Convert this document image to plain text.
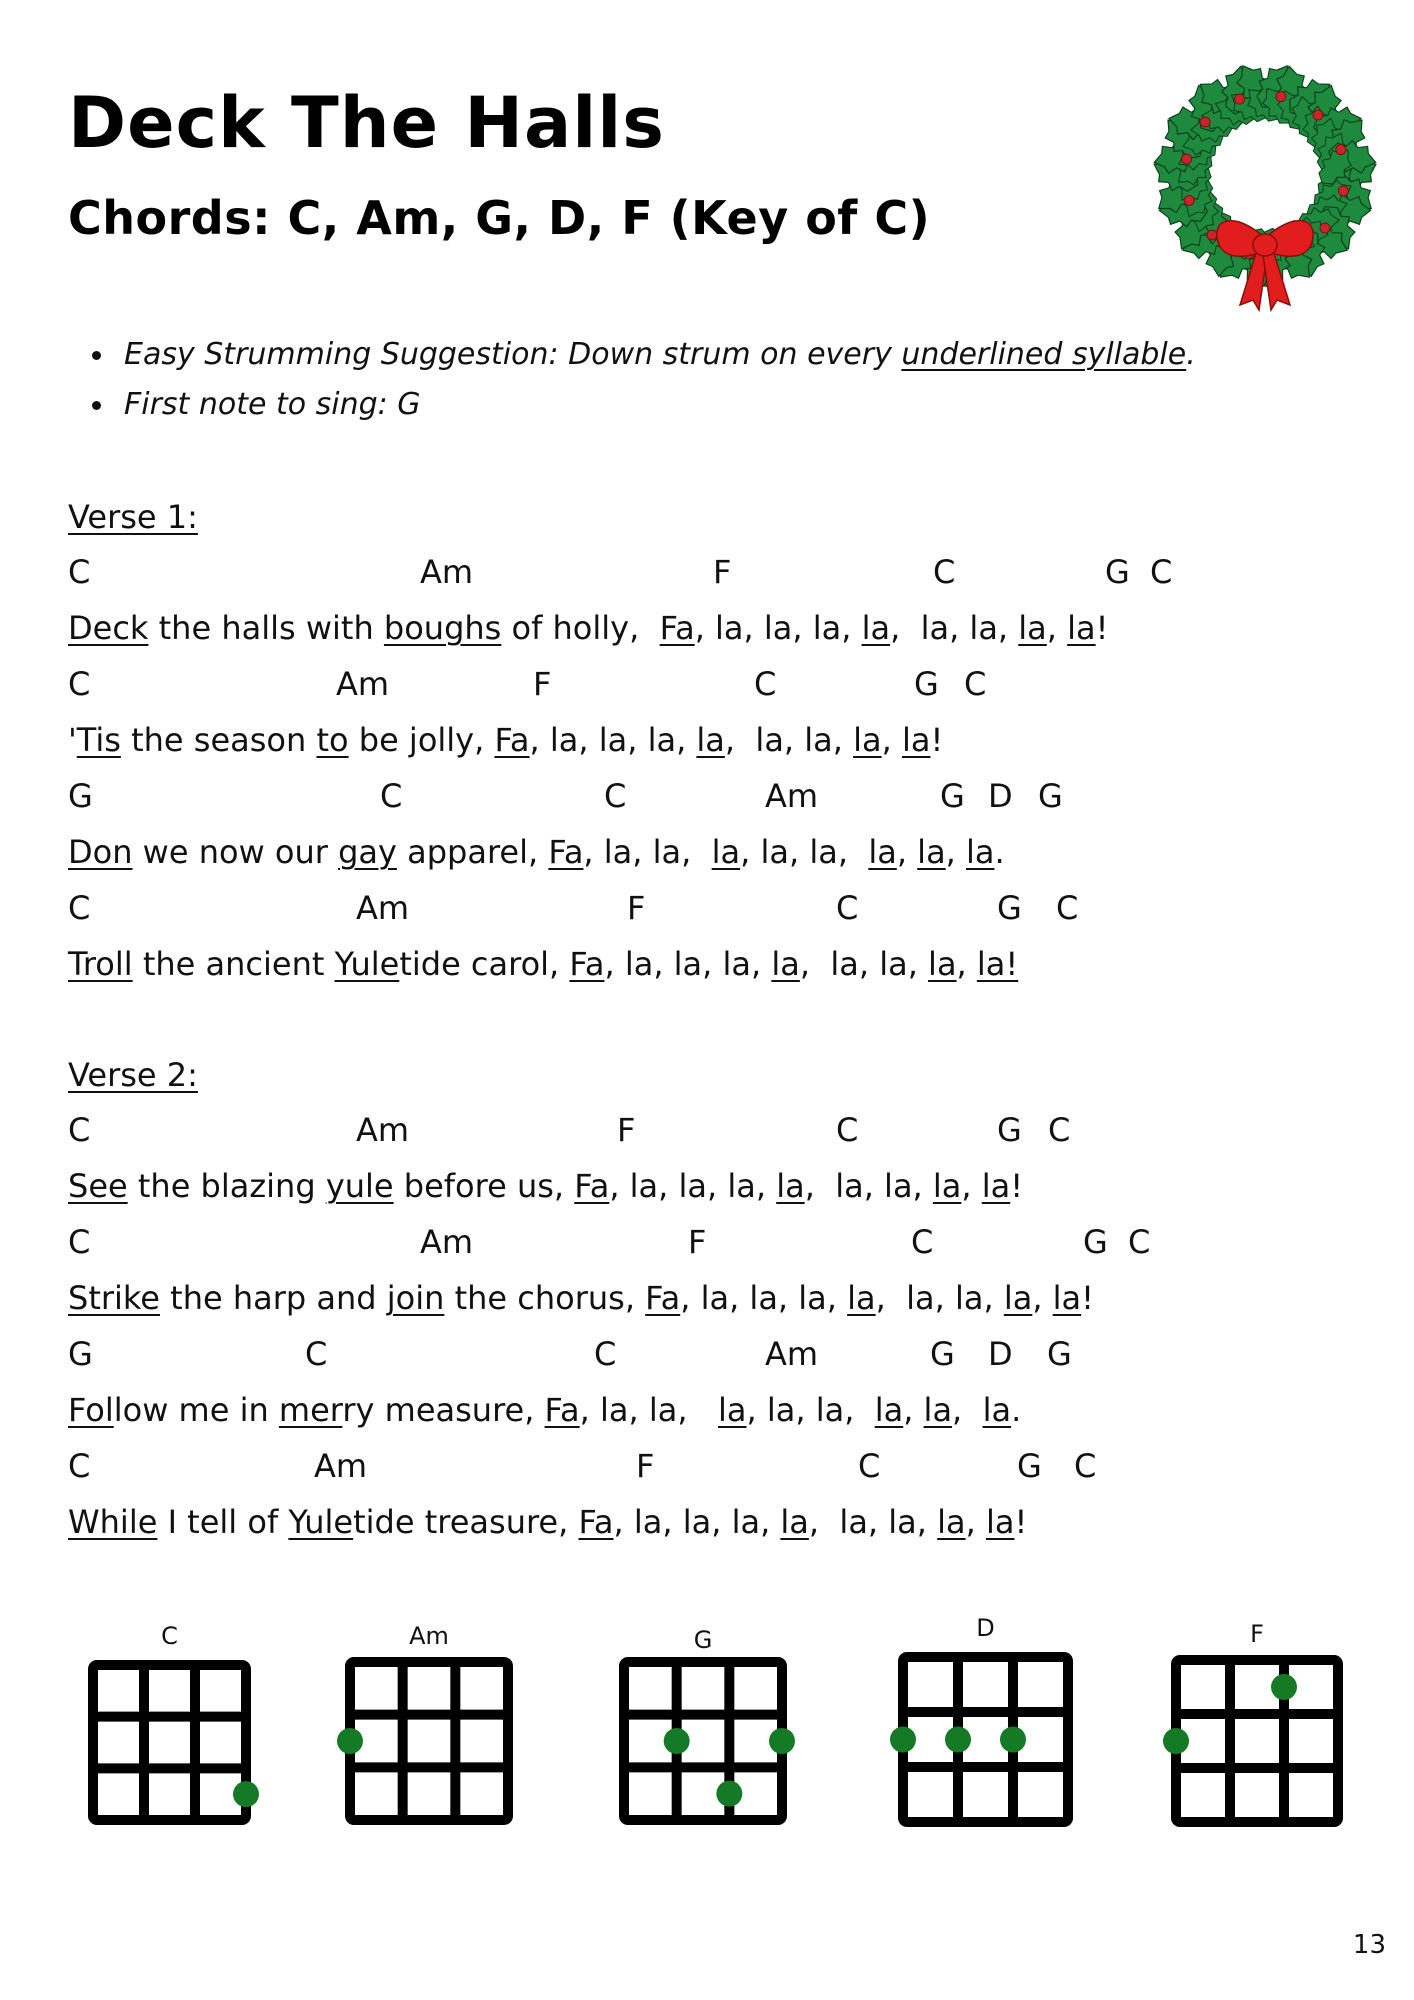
Deck The Halls
Chords: C, Am, G, D, F (Key of C)
Easy Strumming Suggestion: Down strum on every underlined syllable.
First note to sing: G
Verse 1:
C	Am	F	C	G C
Deck the halls with boughs of holly,  Fa, la, la, la, la,  la, la, la, la!
C	Am	F	C	G C
'Tis the season to be jolly, Fa, la, la, la, la,  la, la, la, la!
G	C	C	Am	G D G
Don we now our gay apparel, Fa, la, la,  la, la, la,  la, la, la.
C	Am	F	C	G C
Troll the ancient Yuletide carol, Fa, la, la, la, la,  la, la, la, la!
Verse 2:
C	Am	F	C	G C
See the blazing yule before us, Fa, la, la, la, la,  la, la, la, la!
C	Am	F	C	G C
Strike the harp and join the chorus, Fa, la, la, la, la,  la, la, la, la!
G	C	C	Am	G D G
Follow me in merry measure, Fa, la, la,   la, la, la,  la, la,  la.
C	Am	F	C	G C
While I tell of Yuletide treasure, Fa, la, la, la, la,  la, la, la, la!
C	Am	G	D	F
13
